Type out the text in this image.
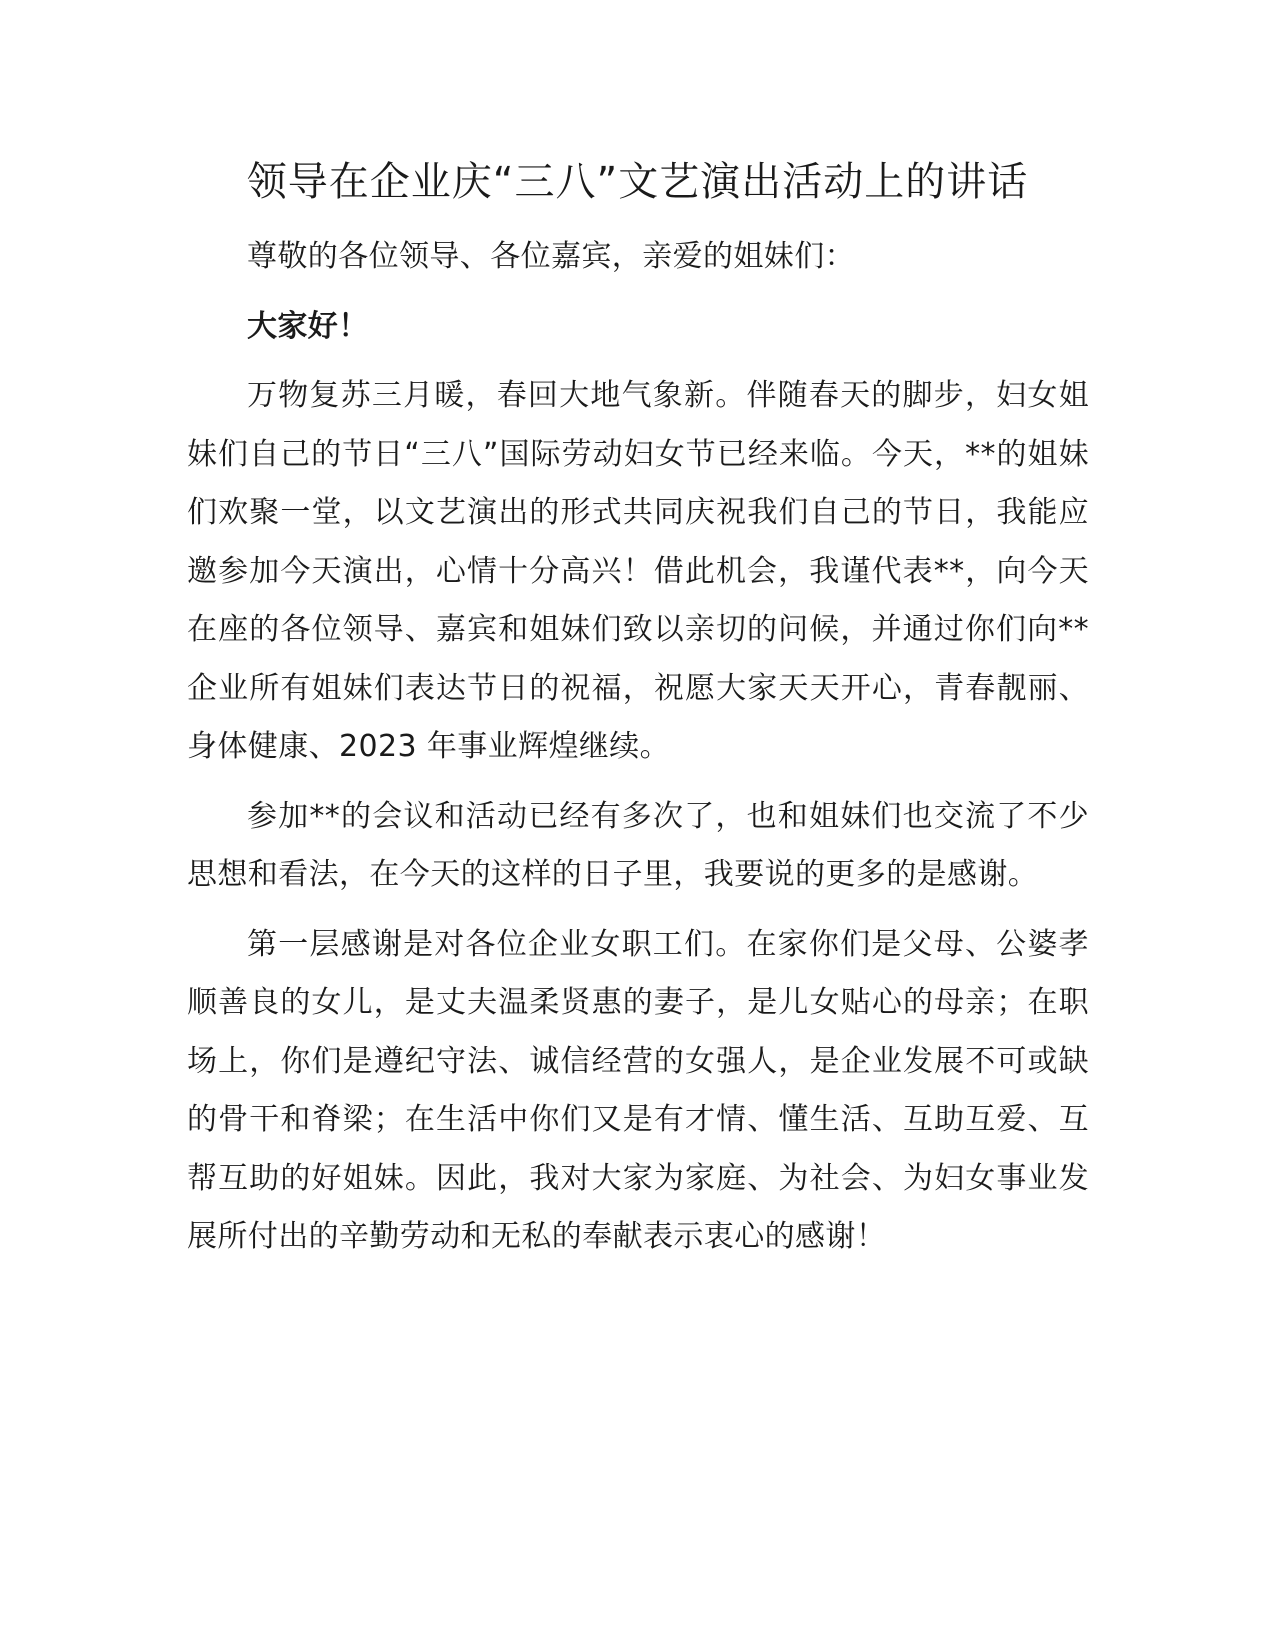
领导在企业庆“三八”文艺演出活动上的讲话

尊敬的各位领导、各位嘉宾，亲爱的姐妹们：

大家好！

万物复苏三月暖，春回大地气象新。伴随春天的脚步，妇女姐妹们自己的节日“三八”国际劳动妇女节已经来临。今天，**的姐妹们欢聚一堂，以文艺演出的形式共同庆祝我们自己的节日，我能应邀参加今天演出，心情十分高兴！借此机会，我谨代表**，向今天在座的各位领导、嘉宾和姐妹们致以亲切的问候，并通过你们向**企业所有姐妹们表达节日的祝福，祝愿大家天天开心，青春靓丽、身体健康、2023 年事业辉煌继续。

参加**的会议和活动已经有多次了，也和姐妹们也交流了不少思想和看法，在今天的这样的日子里，我要说的更多的是感谢。

第一层感谢是对各位企业女职工们。在家你们是父母、公婆孝顺善良的女儿，是丈夫温柔贤惠的妻子，是儿女贴心的母亲；在职场上，你们是遵纪守法、诚信经营的女强人，是企业发展不可或缺的骨干和脊梁；在生活中你们又是有才情、懂生活、互助互爱、互帮互助的好姐妹。因此，我对大家为家庭、为社会、为妇女事业发展所付出的辛勤劳动和无私的奉献表示衷心的感谢！
